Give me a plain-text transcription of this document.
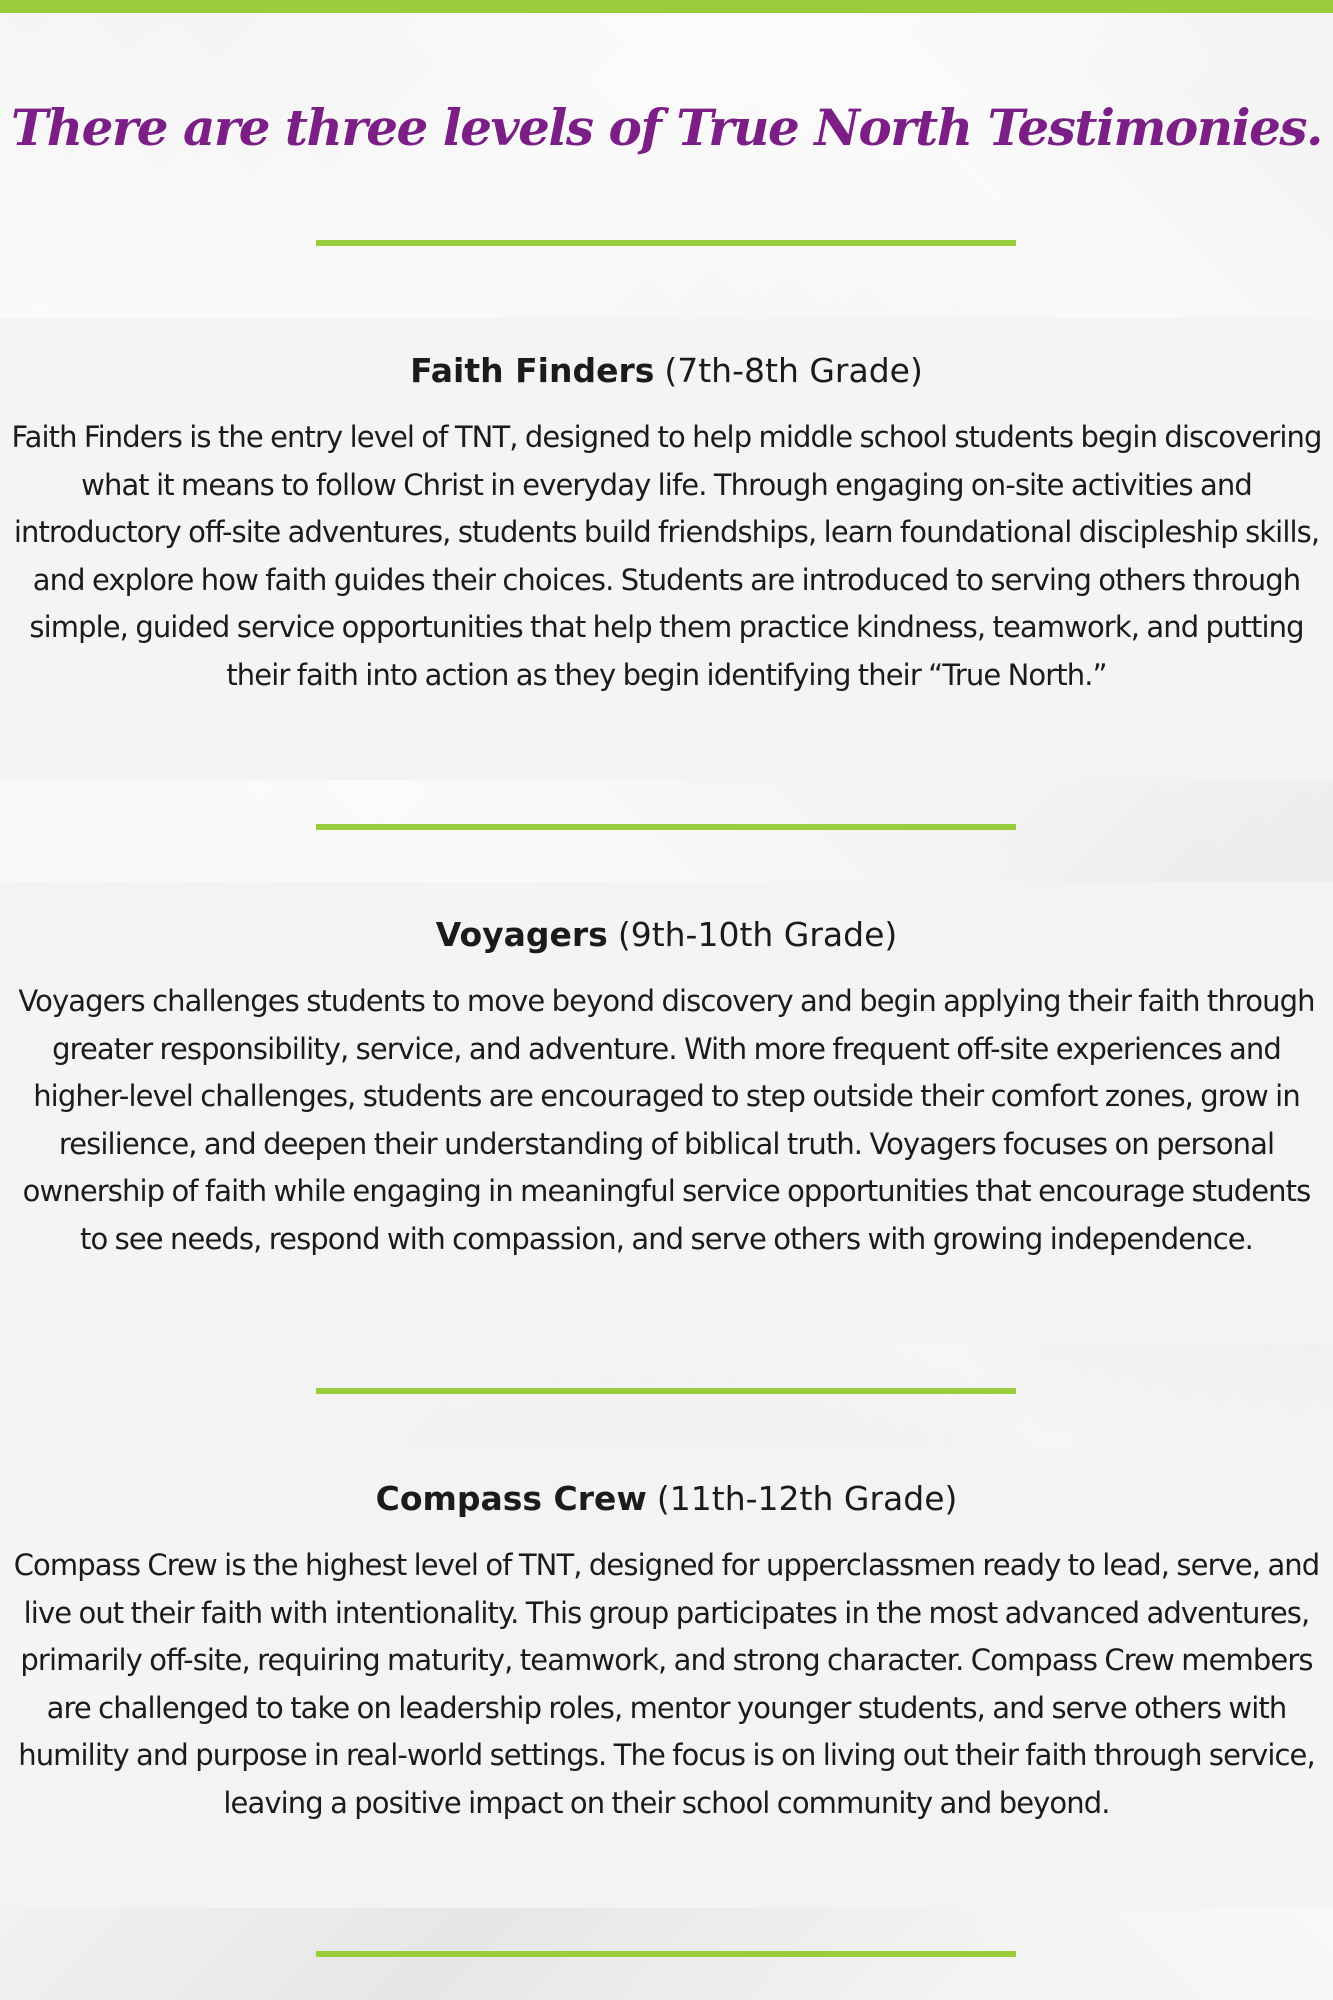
There are three levels of True North Testimonies.
Faith Finders (7th-8th Grade)

Faith Finders is the entry level of TNT, designed to help middle school students begin discovering what it means to follow Christ in everyday life. Through engaging on-site activities and introductory off-site adventures, students build friendships, learn foundational discipleship skills, and explore how faith guides their choices. Students are introduced to serving others through simple, guided service opportunities that help them practice kindness, teamwork, and putting their faith into action as they begin identifying their “True North.”

Voyagers (9th-10th Grade)

Voyagers challenges students to move beyond discovery and begin applying their faith through greater responsibility, service, and adventure. With more frequent off-site experiences and higher-level challenges, students are encouraged to step outside their comfort zones, grow in resilience, and deepen their understanding of biblical truth. Voyagers focuses on personal ownership of faith while engaging in meaningful service opportunities that encourage students to see needs, respond with compassion, and serve others with growing independence.

Compass Crew (11th-12th Grade)

Compass Crew is the highest level of TNT, designed for upperclassmen ready to lead, serve, and live out their faith with intentionality. This group participates in the most advanced adventures, primarily off-site, requiring maturity, teamwork, and strong character. Compass Crew members are challenged to take on leadership roles, mentor younger students, and serve others with humility and purpose in real-world settings. The focus is on living out their faith through service, leaving a positive impact on their school community and beyond.
